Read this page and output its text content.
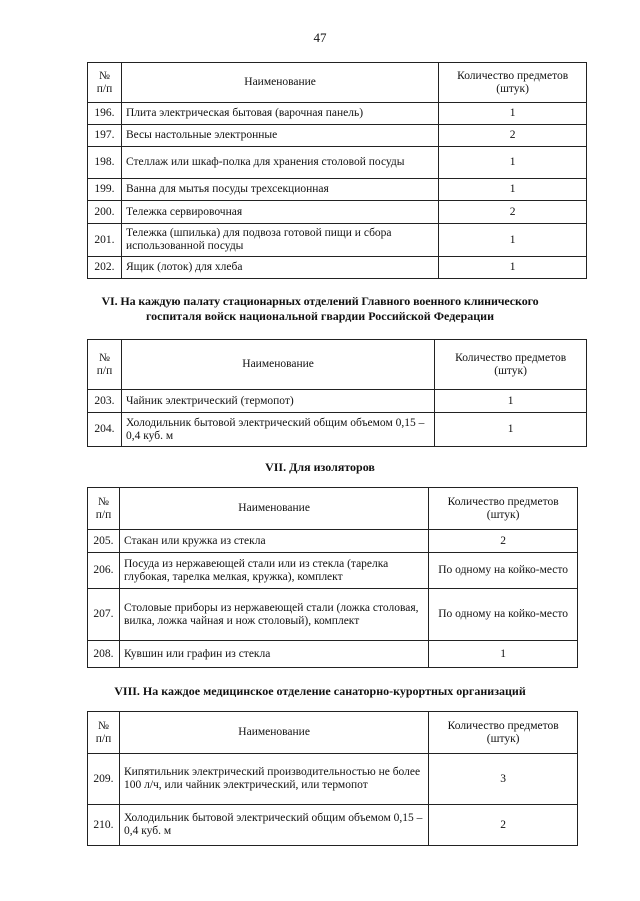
47
№
п/п	Наименование	Количество предметов
(штук)
196.	Плита электрическая бытовая (варочная панель)	1
197.	Весы настольные электронные	2
198.	Стеллаж или шкаф-полка для хранения столовой посуды	1
199.	Ванна для мытья посуды трехсекционная	1
200.	Тележка сервировочная	2
201.	Тележка (шпилька) для подвоза готовой пищи и сбора использованной посуды	1
202.	Ящик (лоток) для хлеба	1
VI. На каждую палату стационарных отделений Главного военного клинического
госпиталя войск национальной гвардии Российской Федерации
№
п/п	Наименование	Количество предметов
(штук)
203.	Чайник электрический (термопот)	1
204.	Холодильник бытовой электрический общим объемом 0,15 – 0,4 куб. м	1
VII. Для изоляторов
№
п/п	Наименование	Количество предметов
(штук)
205.	Стакан или кружка из стекла	2
206.	Посуда из нержавеющей стали или из стекла (тарелка глубокая, тарелка мелкая, кружка), комплект	По одному на койко-место
207.	Столовые приборы из нержавеющей стали (ложка столовая, вилка, ложка чайная и нож столовый), комплект	По одному на койко-место
208.	Кувшин или графин из стекла	1
VIII. На каждое медицинское отделение санаторно-курортных организаций
№
п/п	Наименование	Количество предметов
(штук)
209.	Кипятильник электрический производительностью не более 100 л/ч, или чайник электрический, или термопот	3
210.	Холодильник бытовой электрический общим объемом 0,15 – 0,4 куб. м	2
